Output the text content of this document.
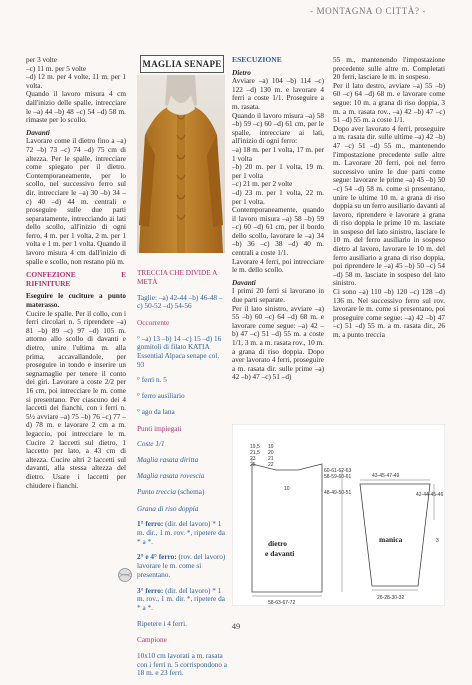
- MONTAGNA O CITTÀ? -

per 3 volte

–c) 11 m. per 5 volte

–d) 12 m. per 4 volte, 11 m. per 1 volta.

Quando il lavoro misura 4 cm dall'inizio delle spalle, intrecciare le –a) 44 –b) 48 –c) 54 –d) 58 m. rimaste per lo scollo.

Davanti

Lavorare come il dietro fino a –a) 72 –b) 73 –c) 74 –d) 75 cm di altezza. Per le spalle, intrecciare come spiegato per il dietro. Contemporaneamente, per lo scollo, nel successivo ferro sul dir. intrecciare le –a) 30 –b) 34 –c) 40 –d) 44 m. centrali e proseguire sulle due parti separatamente, intrecciando ai lati dello scollo, all'inizio di ogni ferro, 4 m. per 1 volta, 2 m. per 1 volta e 1 m. per 1 volta. Quando il lavoro misura 4 cm dall'inizio di spalle e scollo, non restano più m.

CONFEZIONE E RIFINITURE

Eseguire le cuciture a punto materasso.

Cucire le spalle. Per il collo, con i ferri circolari n. 5 riprendere –a) 81 –b) 89 –c) 97 –d) 105 m. attorno allo scollo di davanti e dietro, unire l'ultima m. alla prima, accavallandole, per proseguire in tondo e inserire un segnamaglie per tenere il conto dei giri. Lavorare a coste 2/2 per 16 cm, poi intrecciare le m. come si presentano. Per ciascuno dei 4 laccetti dei fianchi, con i ferri n. 5½ avviare –a) 75 –b) 76 –c) 77 –d) 78 m. e lavorare 2 cm a m. legaccio, poi intrecciare le m. Cucire 2 laccetti sul dietro, 1 laccetto per lato, a 43 cm di altezza. Cucire altri 2 laccetti sul davanti, alla stessa altezza del dietro. Usare i laccetti per chiudere i fianchi.

MAGLIA SENAPE

TRECCIA CHE DIVIDE A METÀ

Taglie: –a) 42-44 –b) 46-48 –c) 50-52 –d) 54-56

Occorrente

° –a) 13 –b) 14 –c) 15 –d) 16 gomitoli di filato KATIA Essential Alpaca senape col. 93

° ferri n. 5

° ferro ausiliario

° ago da lana

Punti impiegati

Coste 1/1

Maglia rasata diritta

Maglia rasata rovescia

Punto treccia (schema)

Grana di riso doppia

1° ferro: (dir. del lavoro) * 1 m. dir., 1 m. rov. *, ripetere da * a *.

2° e 4° ferro: (rov. del lavoro) lavorare le m. come si presentano.

3° ferro: (dir. del lavoro) * 1 m. rov., 1 m. dir. *, ripetere da * a *.

Ripetere i 4 ferri.

Campione

10x10 cm lavorati a m. rasata con i ferri n. 5 corrispondono a 18 m. e 23 ferri.

ESECUZIONE

Dietro

Avviare –a) 104 –b) 114 –c) 122 –d) 130 m. e lavorare 4 ferri a coste 1/1. Proseguire a m. rasata.

Quando il lavoro misura –a) 58 –b) 59 –c) 60 –d) 61 cm, per le spalle, intrecciare ai lati, all'inizio di ogni ferro:

–a) 18 m. per 1 volta, 17 m. per 1 volta

–b) 20 m. per 1 volta, 19 m. per 1 volta

–c) 21 m. per 2 volte

–d) 23 m. per 1 volta, 22 m. per 1 volta.

Contemporaneamente, quando il lavoro misura –a) 58 –b) 59 –c) 60 –d) 61 cm, per il bordo dello scollo, lavorare le –a) 34 –b) 36 –c) 38 –d) 40 m. centrali a coste 1/1.

Lavorare 4 ferri, poi intrecciare le m. dello scollo.

Davanti

I primi 20 ferri si lavorano in due parti separate.

Per il lato sinistro, avviare –a) 55 –b) 60 –c) 64 –d) 68 m. e lavorare come segue: –a) 42 –b) 47 –c) 51 –d) 55 m. a coste 1/1, 3 m. a m. rasata rov., 10 m. a grana di riso doppia. Dopo aver lavorato 4 ferri, proseguire a m. rasata dir. sulle prime –a) 42 –b) 47 –c) 51 –d)

55 m., mantenendo l'impostazione precedente sulle altre m. Completati 20 ferri, lasciare le m. in sospeso.

Per il lato destro, avviare –a) 55 –b) 60 –c) 64 –d) 68 m. e lavorare come segue: 10 m. a grana di riso doppia, 3 m. a m. rasata rov., –a) 42 –b) 47 –c) 51 –d) 55 m. a coste 1/1.

Dopo aver lavorato 4 ferri, proseguire a m. rasata dir. sulle ultime –a) 42 –b) 47 –c) 51 –d) 55 m., mantenendo l'impostazione precedente sulle altre m. Lavorare 20 ferri, poi nel ferro successivo unire le due parti come segue: lavorare le prime –a) 45 –b) 50 –c) 54 –d) 58 m. come si presentano, unire le ultime 10 m. a grana di riso doppia su un ferro ausiliario davanti al lavoro, riprendere e lavorare a grana di riso doppia le prime 10 m. lasciate in sospeso del lato sinistro, lasciare le 10 m. del ferro ausiliario in sospeso dietro al lavoro, lavorare le 10 m. del ferro ausiliario a grana di riso doppia, poi riprendere le –a) 45 –b) 50 –c) 54 –d) 58 m. lasciate in sospeso del lato sinistro.

Ci sono –a) 110 –b) 120 –c) 128 –d) 136 m. Nel successivo ferro sul rov. lavorare le m. come si presentano, poi proseguire come segue: –a) 42 –b) 47 –c) 51 –d) 55 m. a m. rasata dir., 26 m. a punto treccia

19,5
21,5
23
25
19
20
21
22
60-61-62-63
58-59-60-61
48-49-50-51
10
58-63-67-72
43-45-47-49
42-44-45-46
26-28-30-32
3
dietro
e davanti
manica
49
